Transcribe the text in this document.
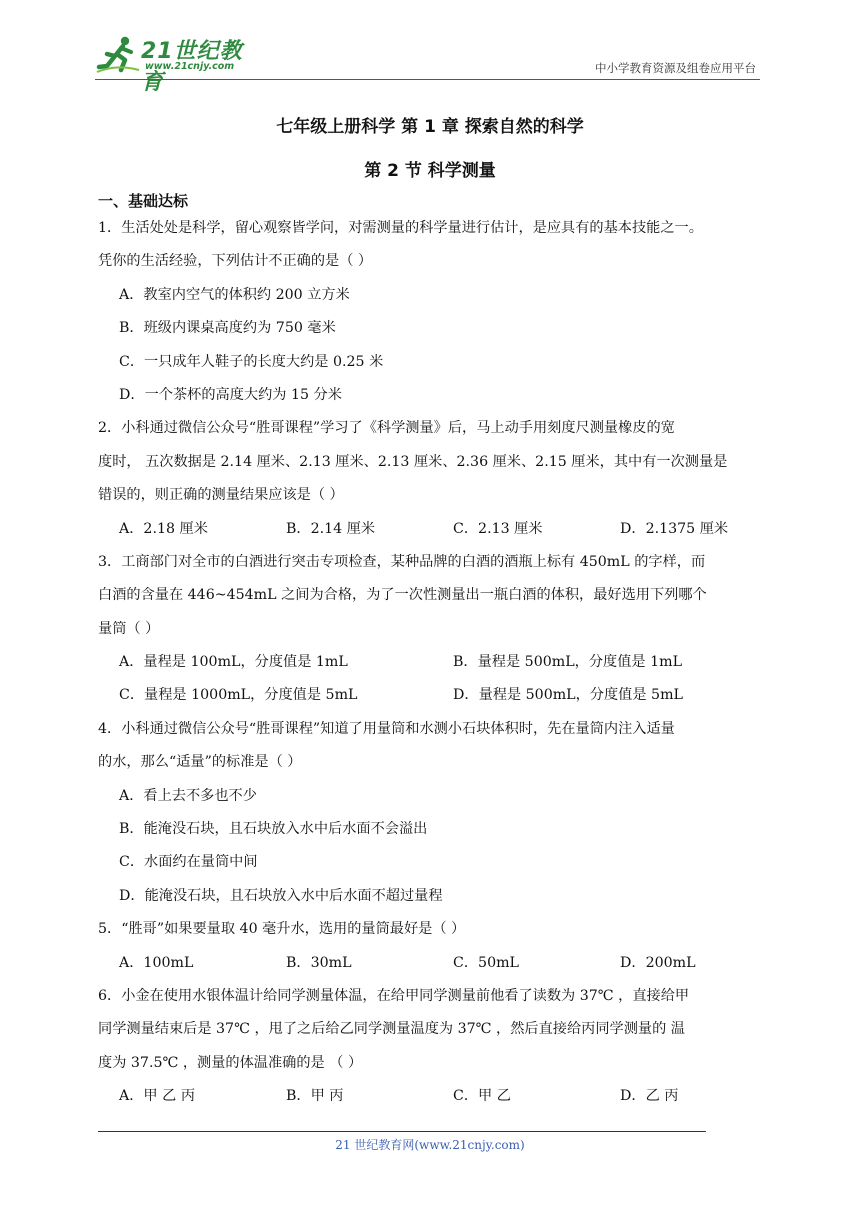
21世纪教育
www.21cnjy.com	中小学教育资源及组卷应用平台
七年级上册科学 第 1 章 探索自然的科学
第 2 节 科学测量
一、基础达标
1．生活处处是科学，留心观察皆学问，对需测量的科学量进行估计，是应具有的基本技能之一。
凭你的生活经验，下列估计不正确的是（ ）
A．教室内空气的体积约 200 立方米
B．班级内课桌高度约为 750 毫米
C．一只成年人鞋子的长度大约是 0.25 米
D．一个茶杯的高度大约为 15 分米
2．小科通过微信公众号“胜哥课程”学习了《科学测量》后，马上动手用刻度尺测量橡皮的宽
度时， 五次数据是 2.14 厘米、2.13 厘米、2.13 厘米、2.36 厘米、2.15 厘米，其中有一次测量是
错误的，则正确的测量结果应该是（ ）
A．2.18 厘米	B．2.14 厘米	C．2.13 厘米	D．2.1375 厘米
3．工商部门对全市的白酒进行突击专项检查，某种品牌的白酒的酒瓶上标有 450mL 的字样，而
白酒的含量在 446~454mL 之间为合格，为了一次性测量出一瓶白酒的体积，最好选用下列哪个
量筒（ ）
A．量程是 100mL，分度值是 1mL	B．量程是 500mL，分度值是 1mL
C．量程是 1000mL，分度值是 5mL	D．量程是 500mL，分度值是 5mL
4．小科通过微信公众号“胜哥课程”知道了用量筒和水测小石块体积时，先在量筒内注入适量
的水，那么“适量”的标准是（ ）
A．看上去不多也不少
B．能淹没石块，且石块放入水中后水面不会溢出
C．水面约在量筒中间
D．能淹没石块，且石块放入水中后水面不超过量程
5．“胜哥”如果要量取 40 毫升水，选用的量筒最好是（ ）
A．100mL	B．30mL	C．50mL	D．200mL
6．小金在使用水银体温计给同学测量体温，在给甲同学测量前他看了读数为 37℃ ，直接给甲
同学测量结束后是 37℃ ，甩了之后给乙同学测量温度为 37℃ ，然后直接给丙同学测量的 温
度为 37.5℃ ，测量的体温准确的是 （ ）
A．甲 乙 丙	B．甲 丙	C．甲 乙	D．乙 丙
21 世纪教育网(www.21cnjy.com)
